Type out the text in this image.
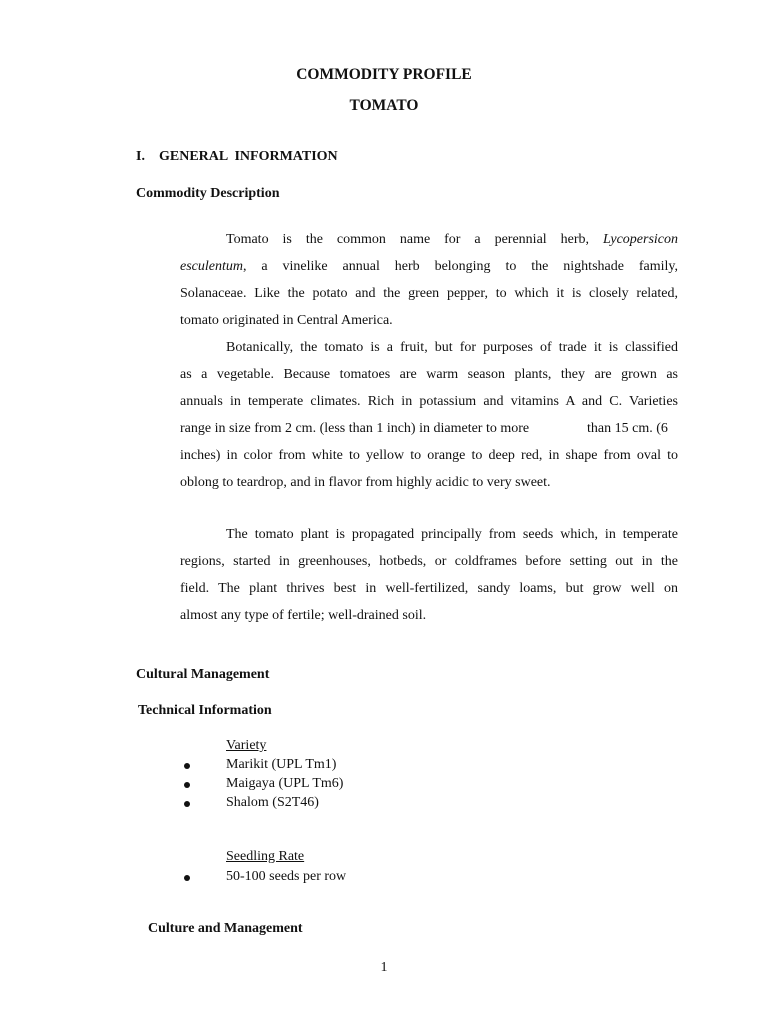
COMMODITY PROFILE
TOMATO
I. GENERAL  INFORMATION
Commodity Description
Tomato is the common name for a perennial herb, Lycopersicon
esculentum, a vinelike annual herb belonging to the nightshade family,
Solanaceae. Like the potato and the green pepper, to which it is closely related,
tomato originated in Central America.
Botanically, the tomato is a fruit, but for purposes of trade it is classified
as a vegetable. Because tomatoes are warm season plants, they are grown as
annuals in temperate climates. Rich in potassium and vitamins A and C. Varieties
range in size from 2 cm. (less than 1 inch) in diameter to more	than 15 cm. (6
inches) in color from white to yellow to orange to deep red, in shape from oval to
oblong to teardrop, and in flavor from highly acidic to very sweet.
The tomato plant is propagated principally from seeds which, in temperate
regions, started in greenhouses, hotbeds, or coldframes before setting out in the
field. The plant thrives best in well-fertilized, sandy loams, but grow well on
almost any type of fertile; well-drained soil.
Cultural Management
Technical Information
Variety
Marikit (UPL Tm1)
Maigaya (UPL Tm6)
Shalom (S2T46)
Seedling Rate
50-100 seeds per row
Culture and Management
1
